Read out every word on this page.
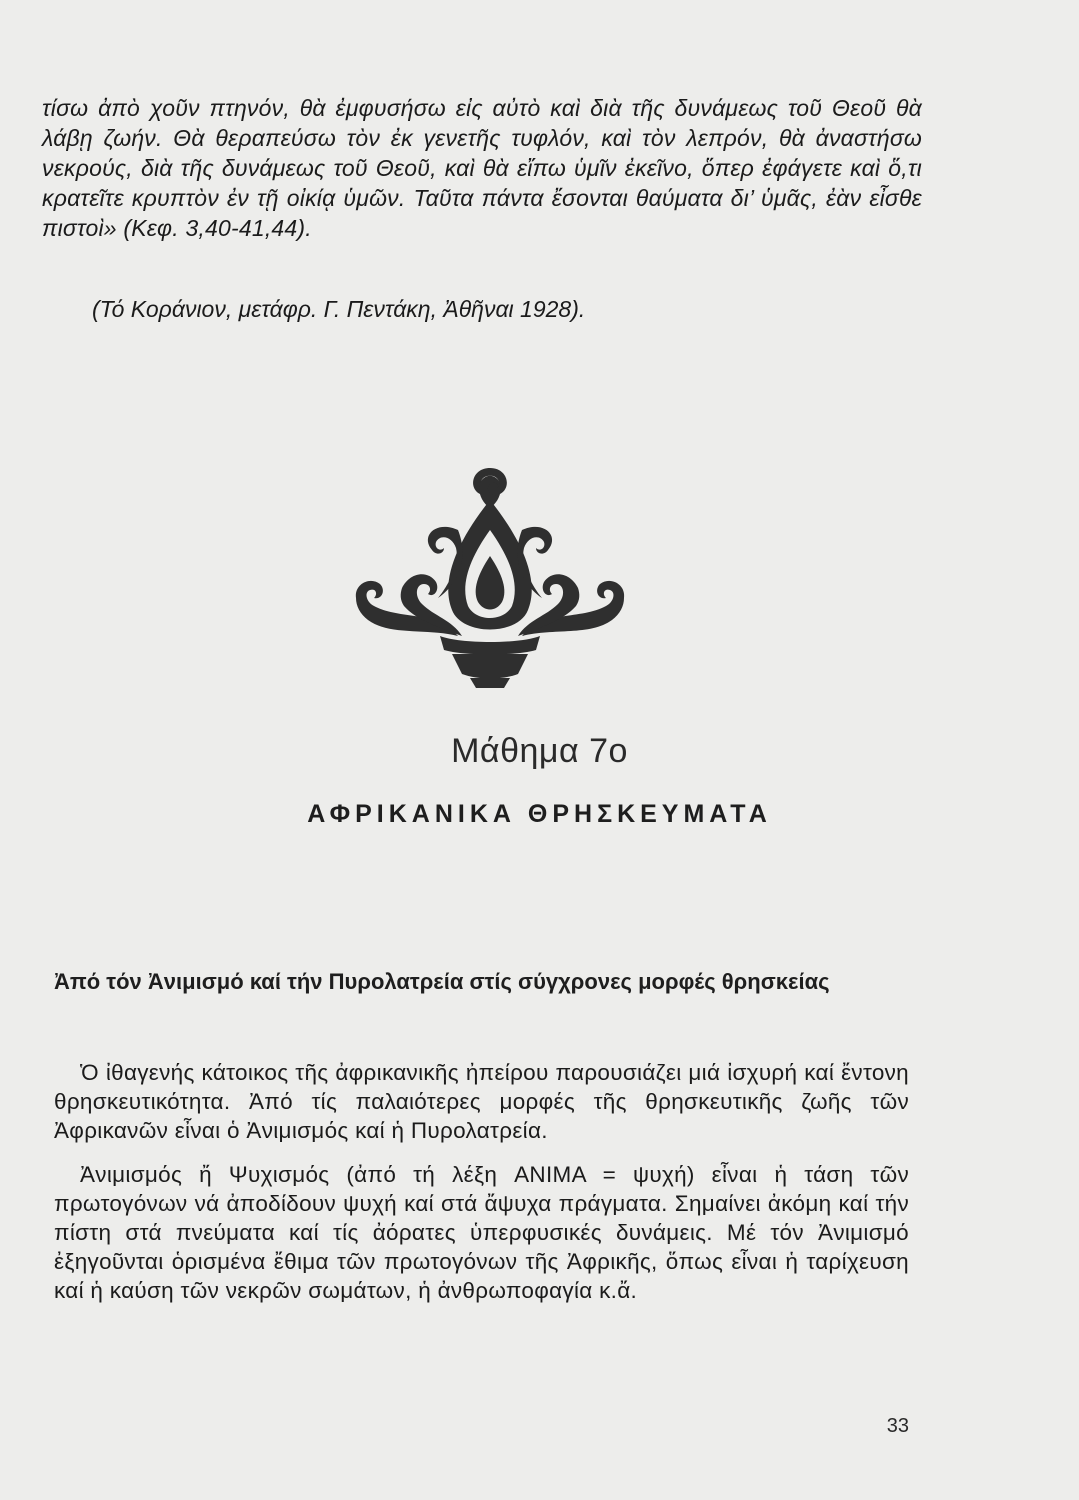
τίσω ἀπὸ χοῦν πτηνόν, θὰ ἐμφυσήσω εἰς αὐτὸ καὶ διὰ τῆς δυνάμεως τοῦ Θεοῦ θὰ λάβῃ ζωήν. Θὰ θεραπεύσω τὸν ἐκ γενετῆς τυφλόν, καὶ τὸν λεπρόν, θὰ ἀναστήσω νεκρούς, διὰ τῆς δυνάμεως τοῦ Θεοῦ, καὶ θὰ εἴπω ὑμῖν ἐκεῖνο, ὅπερ ἐφάγετε καὶ ὅ,τι κρατεῖτε κρυπτὸν ἐν τῇ οἰκίᾳ ὑμῶν. Ταῦτα πάντα ἔσονται θαύματα δι’ ὑμᾶς, ἐὰν εἶσθε πιστοὶ» (Κεφ. 3,40-41,44).

(Τό Κοράνιον, μετάφρ. Γ. Πεντάκη, Ἀθῆναι 1928).
Μάθημα 7ο
ΑΦΡΙΚΑΝΙΚΑ ΘΡΗΣΚΕΥΜΑΤΑ
Ἀπό τόν Ἀνιμισμό καί τήν Πυρολατρεία στίς σύγχρονες μορφές θρησκείας

Ὁ ἰθαγενής κάτοικος τῆς ἀφρικανικῆς ἠπείρου παρουσιάζει μιά ἰσχυρή καί ἔντονη θρησκευτικότητα. Ἀπό τίς παλαιότερες μορφές τῆς θρησκευτικῆς ζωῆς τῶν Ἀφρικανῶν εἶναι ὁ Ἀνιμισμός καί ἡ Πυρολατρεία.

Ἀνιμισμός ἤ Ψυχισμός (ἀπό τή λέξη ANIMA = ψυχή) εἶναι ἡ τάση τῶν πρωτογόνων νά ἀποδίδουν ψυχή καί στά ἄψυχα πράγματα. Σημαίνει ἀκόμη καί τήν πίστη στά πνεύματα καί τίς ἀόρατες ὑπερφυσικές δυνάμεις. Μέ τόν Ἀνιμισμό ἐξηγοῦνται ὁρισμένα ἔθιμα τῶν πρωτογόνων τῆς Ἀφρικῆς, ὅπως εἶναι ἡ ταρίχευση καί ἡ καύση τῶν νεκρῶν σωμάτων, ἡ ἀνθρωποφαγία κ.ἄ.

33
